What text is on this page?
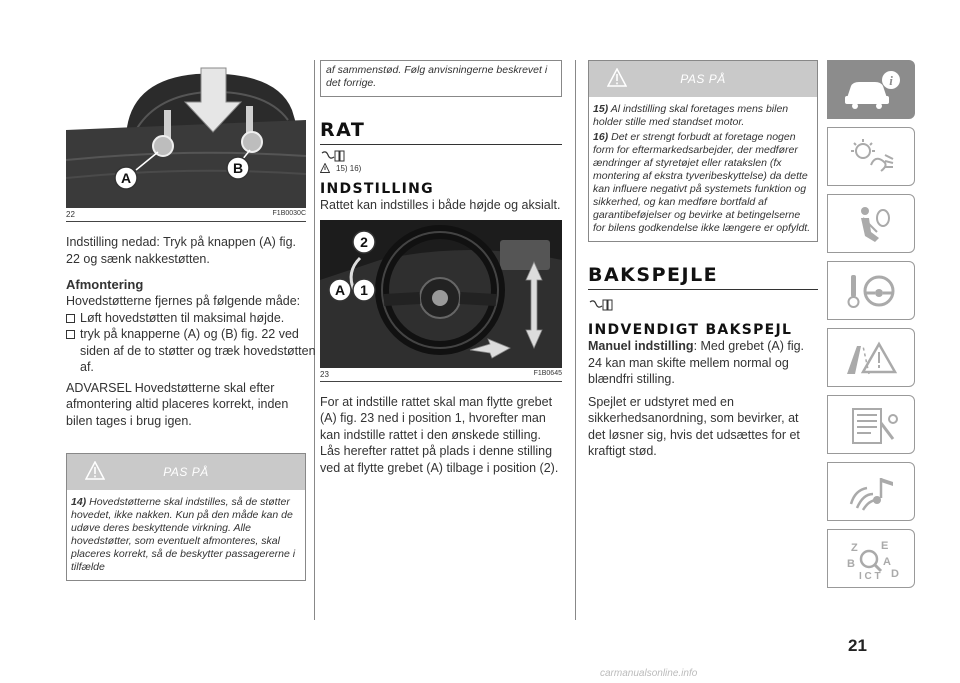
A
B
22	F1B0030C

Indstilling nedad: Tryk på knappen (A) fig. 22 og sænk nakkestøtten.

Afmontering

Hovedstøtterne fjernes på følgende måde:

Løft hovedstøtten til maksimal højde.

tryk på knapperne (A) og (B) fig. 22 ved siden af de to støtter og træk hovedstøtten af.

ADVARSEL Hovedstøtterne skal efter afmontering altid placeres korrekt, inden bilen tages i brug igen.

PAS PÅ
14) Hovedstøtterne skal indstilles, så de støtter hovedet, ikke nakken. Kun på den måde kan de udøve deres beskyttende virkning. Alle hovedstøtter, som eventuelt afmonteres, skal placeres korrekt, så de beskytter passagererne i tilfælde
af sammenstød. Følg anvisningerne beskrevet i det forrige.
RAT
15) 16)
INDSTILLING

Rattet kan indstilles i både højde og aksialt.

2
A 1
23	F1B0645

For at indstille rattet skal man flytte grebet (A) fig. 23 ned i position 1, hvorefter man kan indstille rattet i den ønskede stilling. Lås herefter rattet på plads i denne stilling ved at flytte grebet (A) tilbage i position (2).

PAS PÅ
15) Al indstilling skal foretages mens bilen holder stille med standset motor.
16) Det er strengt forbudt at foretage nogen form for eftermarkedsarbejder, der medfører ændringer af styretøjet eller ratakslen (fx montering af ekstra tyveribeskyttelse) da dette kan influere negativt på systemets funktion og sikkerhed, og kan medføre bortfald af garantibeføjelser og bevirke at betingelserne for bilens godkendelse ikke længere er opfyldt.
BAKSPEJLE
INDVENDIGT BAKSPEJL

Manuel indstilling: Med grebet (A) fig. 24 kan man skifte mellem normal og blændfri stilling.

Spejlet er udstyret med en sikkerhedsanordning, som bevirker, at det løsner sig, hvis det udsættes for et kraftigt stød.

i
Z E
B	A
I C T D
21
carmanualsonline.info
